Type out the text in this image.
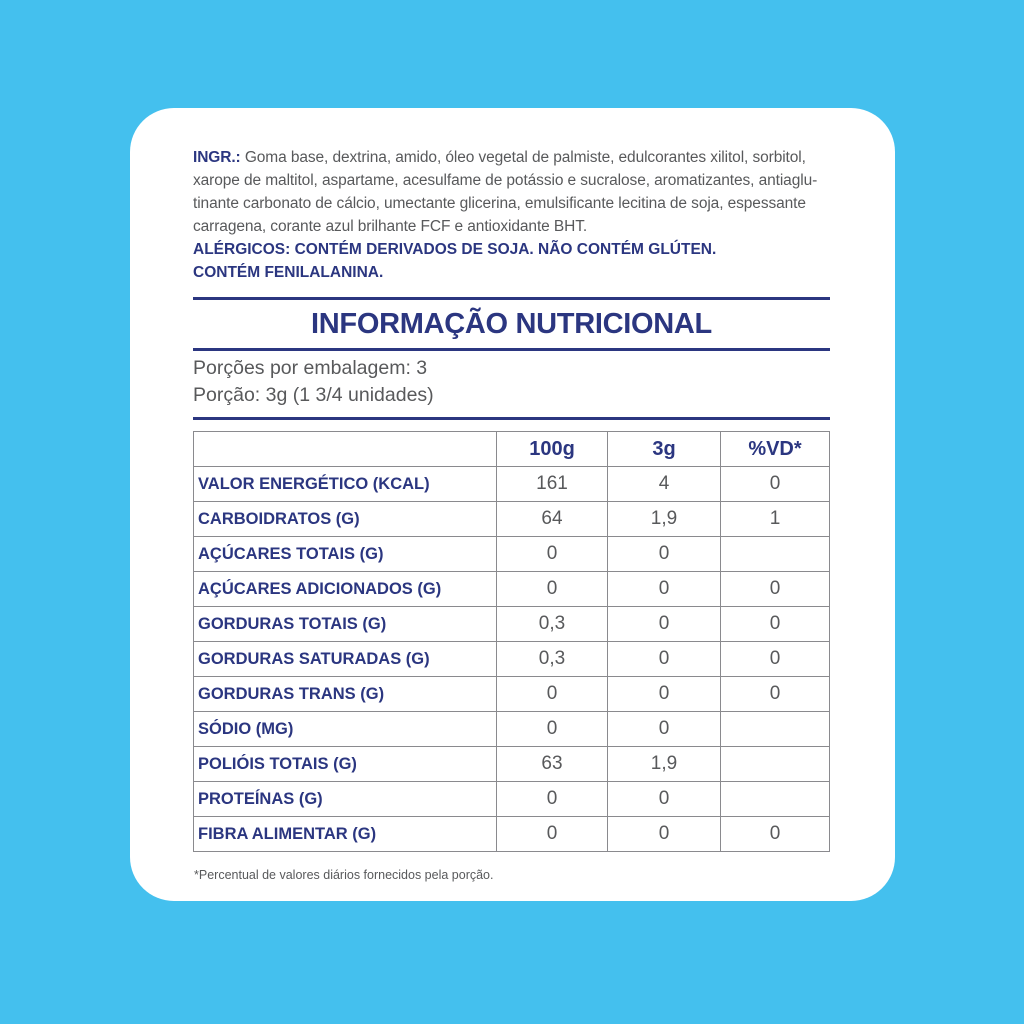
INGR.: Goma base, dextrina, amido, óleo vegetal de palmiste, edulcorantes xilitol, sorbitol,
xarope de maltitol, aspartame, acesulfame de potássio e sucralose, aromatizantes, antiaglu-
tinante carbonato de cálcio, umectante glicerina, emulsificante lecitina de soja, espessante
carragena, corante azul brilhante FCF e antioxidante BHT.
ALÉRGICOS: CONTÉM DERIVADOS DE SOJA. NÃO CONTÉM GLÚTEN.
CONTÉM FENILALANINA.
INFORMAÇÃO NUTRICIONAL
Porções por embalagem: 3
Porção: 3g (1 3/4 unidades)
	100g	3g	%VD*
VALOR ENERGÉTICO (KCAL)	161	4	0
CARBOIDRATOS (G)	64	1,9	1
AÇÚCARES TOTAIS (G)	0	0	
AÇÚCARES ADICIONADOS (G)	0	0	0
GORDURAS TOTAIS (G)	0,3	0	0
GORDURAS SATURADAS (G)	0,3	0	0
GORDURAS TRANS (G)	0	0	0
SÓDIO (MG)	0	0	
POLIÓIS TOTAIS (G)	63	1,9	
PROTEÍNAS (G)	0	0	
FIBRA ALIMENTAR (G)	0	0	0
*Percentual de valores diários fornecidos pela porção.
